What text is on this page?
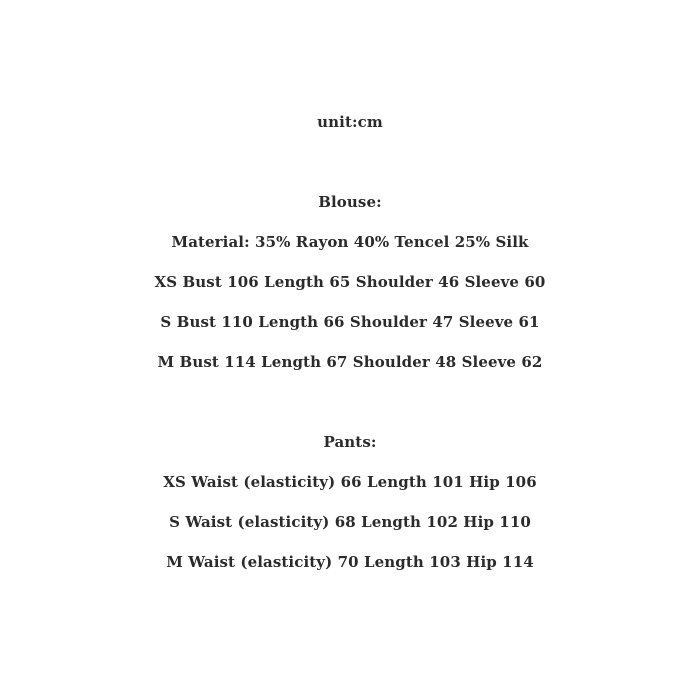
unit:cm
Blouse:
Material: 35% Rayon 40% Tencel 25% Silk
XS Bust 106 Length 65 Shoulder 46 Sleeve 60
S Bust 110 Length 66 Shoulder 47 Sleeve 61
M Bust 114 Length 67 Shoulder 48 Sleeve 62
Pants:
XS Waist (elasticity) 66 Length 101 Hip 106
S Waist (elasticity) 68 Length 102 Hip 110
M Waist (elasticity) 70 Length 103 Hip 114
